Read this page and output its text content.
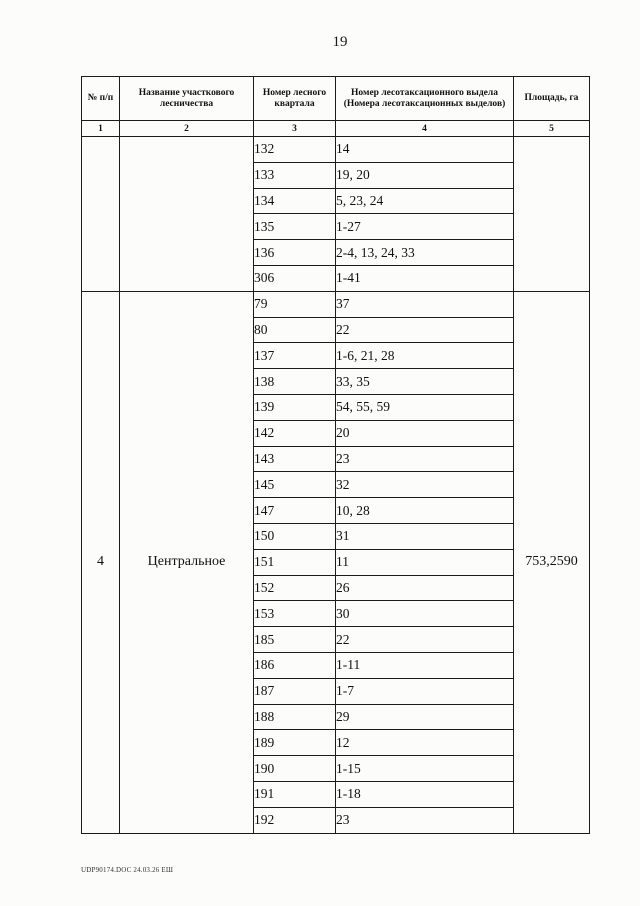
19
№ п/п	Название участкового лесничества	Номер лесного квартала	Номер лесотаксационного выдела (Номера лесотаксационных выделов)	Площадь, га
1	2	3	4	5
		132	14	
		133	19, 20	
		134	5, 23, 24	
		135	1-27	
		136	2-4, 13, 24, 33	
		306	1-41	
4	Центральное	79	37	753,2590
		80	22	
		137	1-6, 21, 28	
		138	33, 35	
		139	54, 55, 59	
		142	20	
		143	23	
		145	32	
		147	10, 28	
		150	31	
		151	11	
		152	26	
		153	30	
		185	22	
		186	1-11	
		187	1-7	
		188	29	
		189	12	
		190	1-15	
		191	1-18	
		192	23	
UDP90174.DOC 24.03.26 ЕШ
